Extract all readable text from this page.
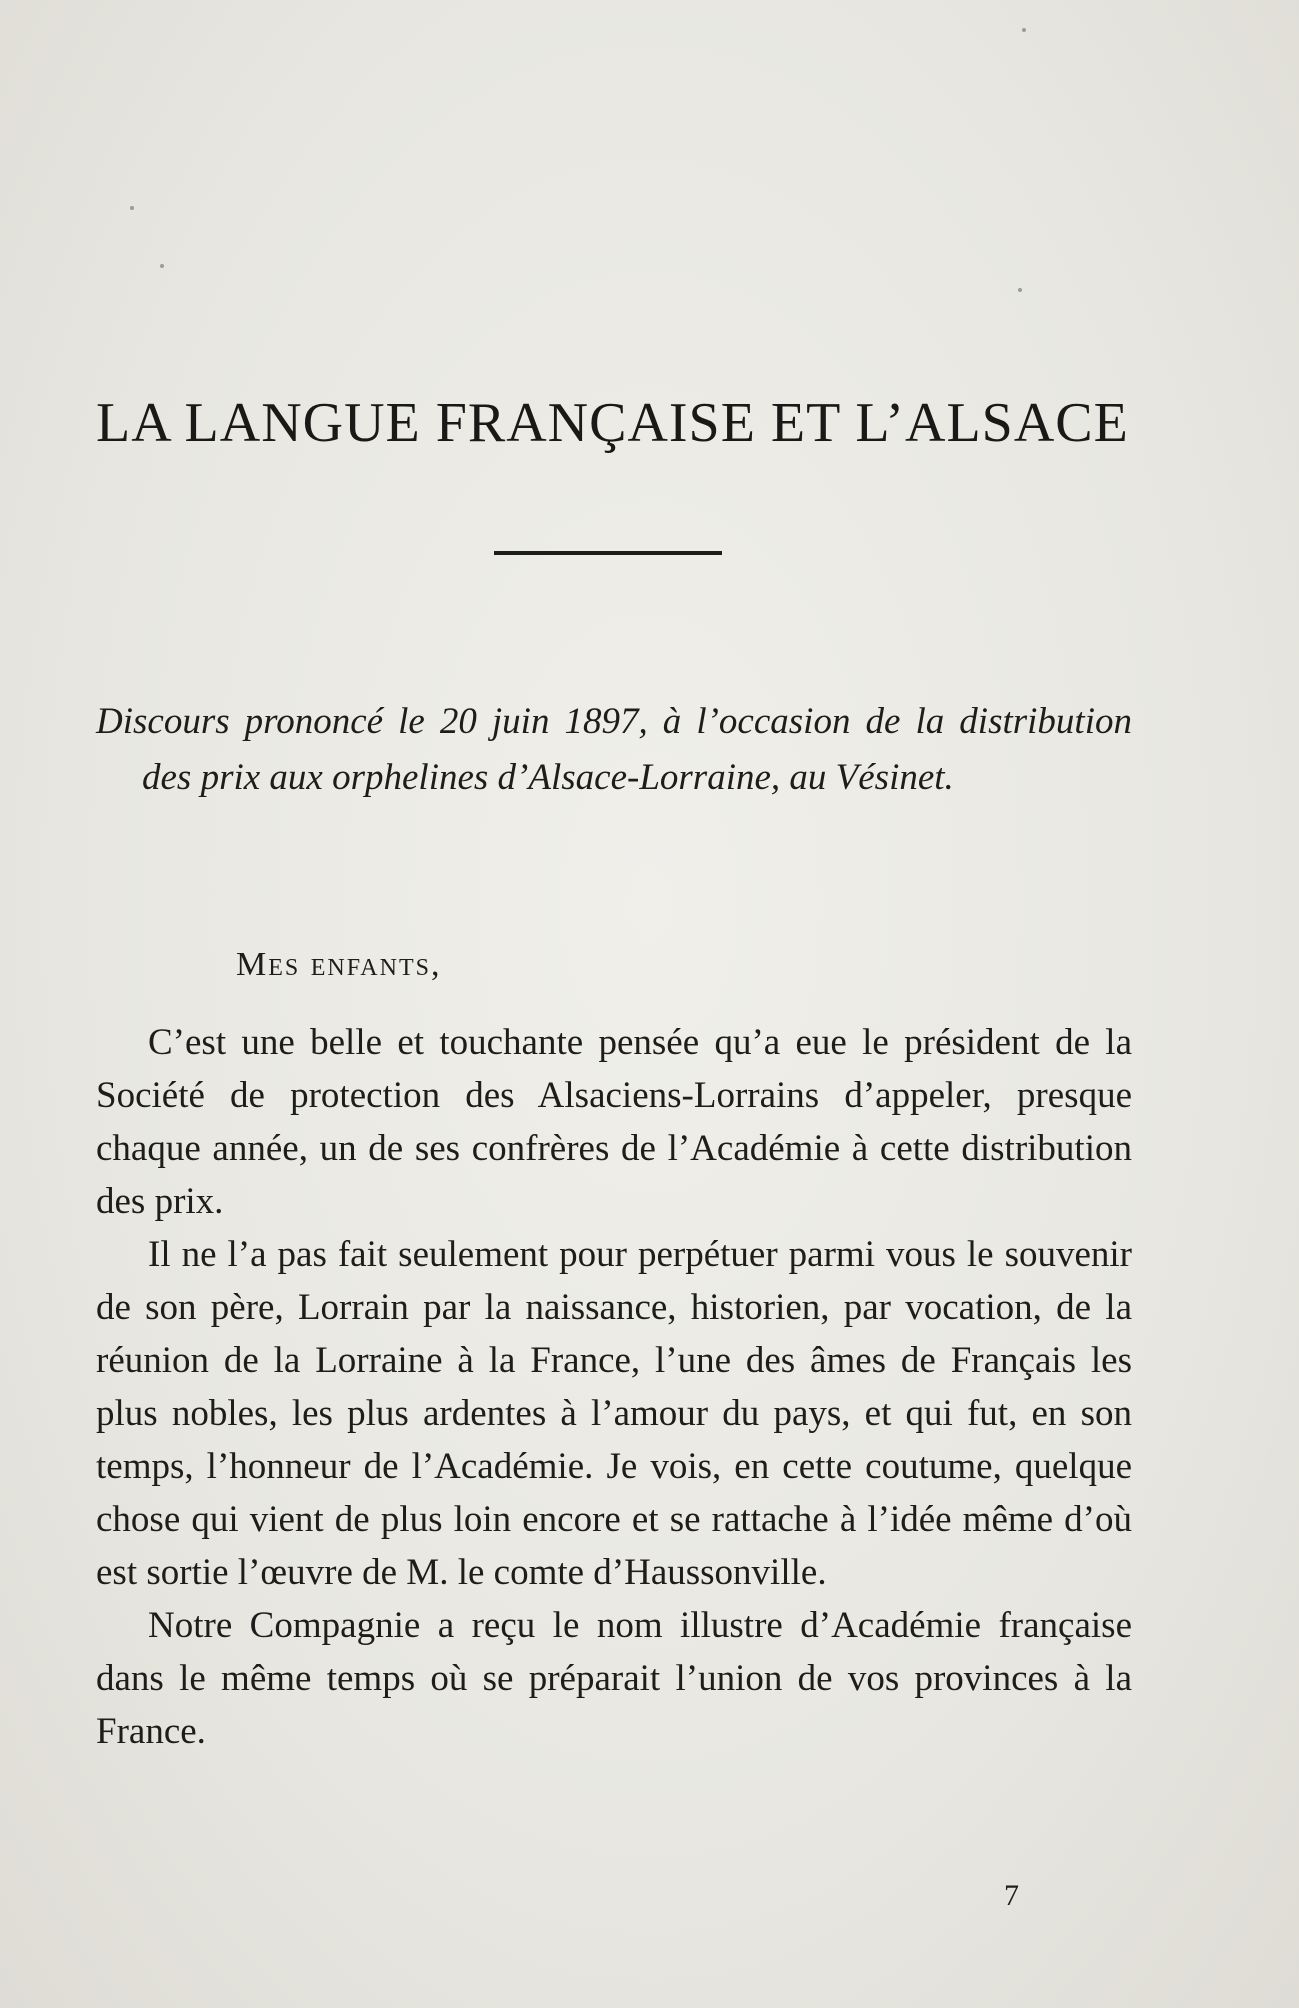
LA LANGUE FRANÇAISE ET L’ALSACE
Discours prononcé le 20 juin 1897, à l’occasion de la distribution des prix aux orphelines d’Alsace-Lorraine, au Vésinet.
Mes enfants,

C’est une belle et touchante pensée qu’a eue le président de la Société de protection des Alsaciens-Lorrains d’appeler, presque chaque année, un de ses confrères de l’Académie à cette distribution des prix.

Il ne l’a pas fait seulement pour perpétuer parmi vous le souvenir de son père, Lorrain par la naissance, historien, par vocation, de la réunion de la Lorraine à la France, l’une des âmes de Français les plus nobles, les plus ardentes à l’amour du pays, et qui fut, en son temps, l’honneur de l’Académie. Je vois, en cette coutume, quelque chose qui vient de plus loin encore et se rattache à l’idée même d’où est sortie l’œuvre de M. le comte d’Haussonville.

Notre Compagnie a reçu le nom illustre d’Académie française dans le même temps où se préparait l’union de vos provinces à la France.

7
